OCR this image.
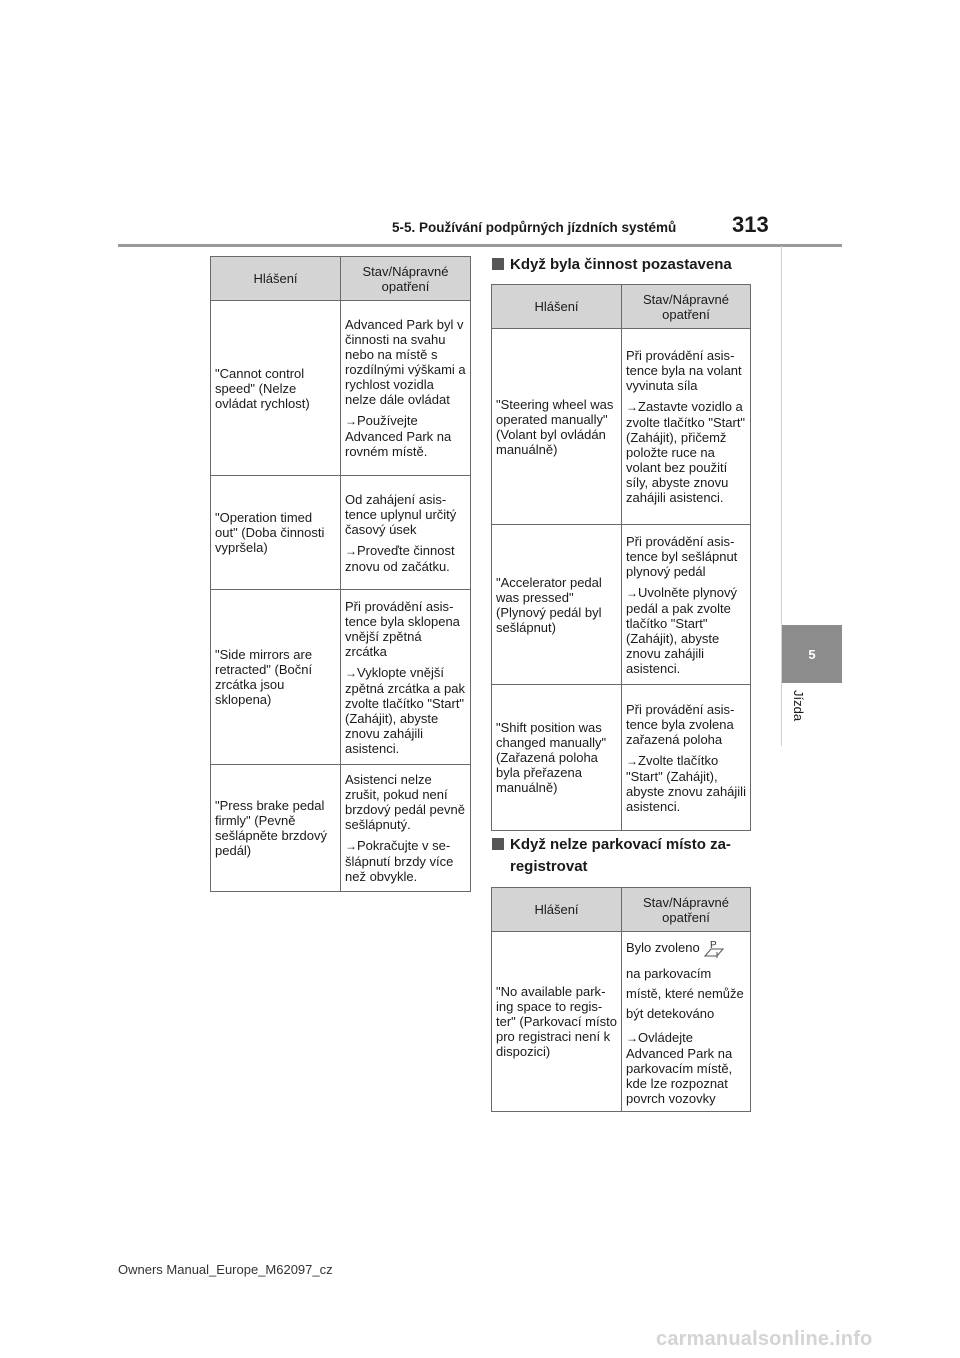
5-5. Používání podpůrných jízdních systémů	313
5
Jízda
Hlášení	Stav/Nápravné opatření
"Cannot control speed" (Nelze ovládat rychlost)	Advanced Park byl v činnosti na svahu nebo na místě s rozdílnými výškami a rychlost vozidla nelze dále ovládat
→Používejte Advanced Park na rovném místě.

"Operation timed out" (Doba činnosti vypršela)	Od zahájení asistence uplynul určitý časový úsek
→Proveďte činnost znovu od začátku.

"Side mirrors are retracted" (Boční zrcátka jsou sklopena)	Při provádění asistence byla sklopena vnější zpětná zrcátka
→Vyklopte vnější zpětná zrcátka a pak zvolte tlačítko "Start" (Zahájit), abyste znovu zahájili asistenci.

"Press brake pedal firmly" (Pevně sešlápněte brzdový pedál)	Asistenci nelze zrušit, pokud není brzdový pedál pevně sešlápnutý.
→Pokračujte v sešlápnutí brzdy více než obvykle.
Když byla činnost pozastavena
Hlášení	Stav/Nápravné opatření
"Steering wheel was operated manually" (Volant byl ovládán manuálně)	Při provádění asistence byla na volant vyvinuta síla
→Zastavte vozidlo a zvolte tlačítko "Start" (Zahájit), přičemž položte ruce na volant bez použití síly, abyste znovu zahájili asistenci.

"Accelerator pedal was pressed" (Plynový pedál byl sešlápnut)	Při provádění asistence byl sešlápnut plynový pedál
→Uvolněte plynový pedál a pak zvolte tlačítko "Start" (Zahájit), abyste znovu zahájili asistenci.

"Shift position was changed manually" (Zařazená poloha byla přeřazena manuálně)	Při provádění asistence byla zvolena zařazená poloha
→Zvolte tlačítko "Start" (Zahájit), abyste znovu zahájili asistenci.
Když nelze parkovací místo za-
registrovat
Hlášení	Stav/Nápravné opatření
"No available parking space to register" (Parkovací místo pro registraci není k dispozici)	Bylo zvoleno P

na parkovacím místě, které nemůže být detekováno
→Ovládejte Advanced Park na parkovacím místě, kde lze rozpoznat povrch vozovky
Owners Manual_Europe_M62097_cz
carmanualsonline.info
